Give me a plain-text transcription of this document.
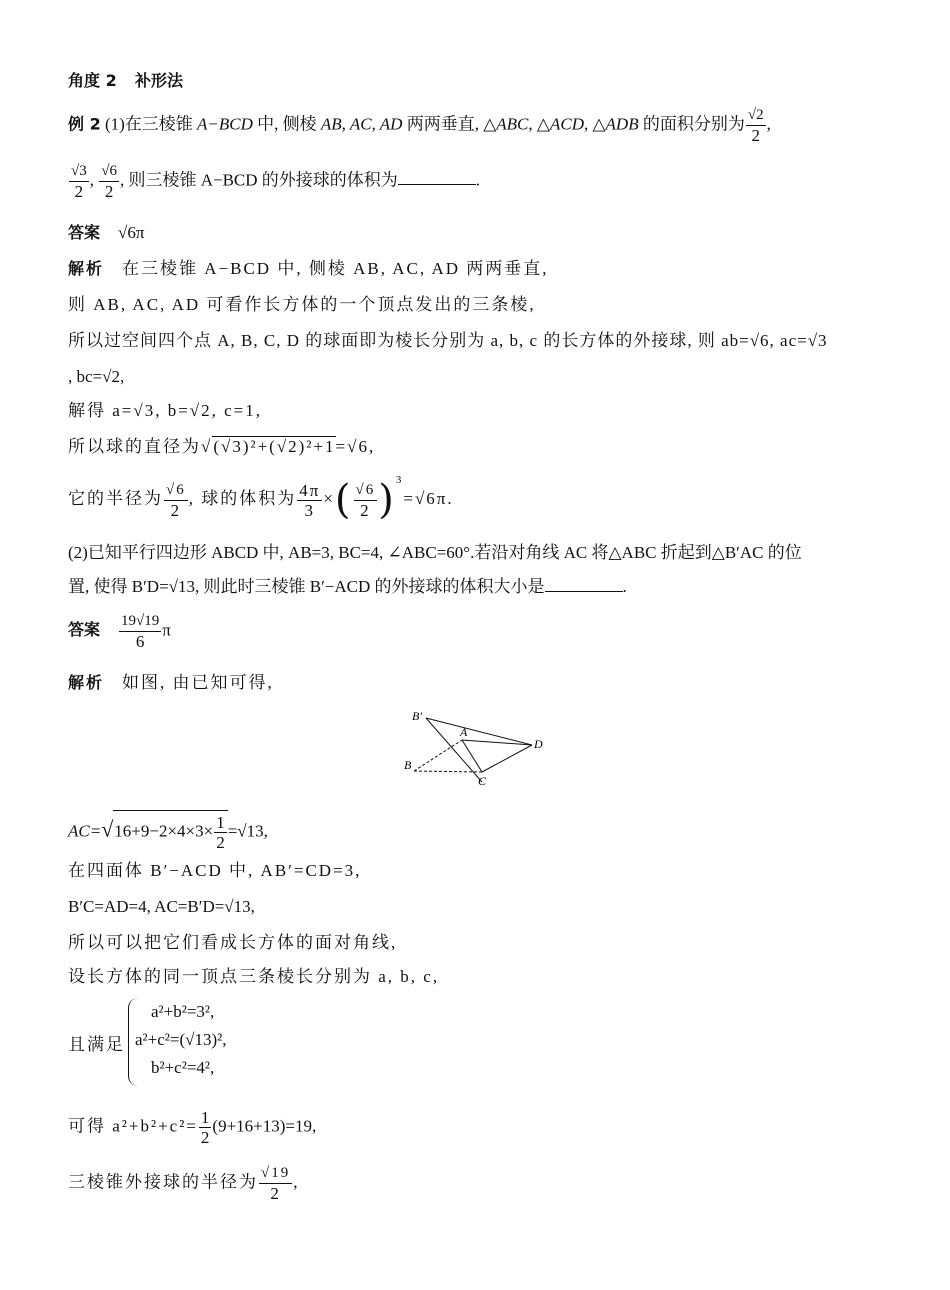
角度 2 补形法
例 2 (1)在三棱锥 A−BCD 中, 侧棱 AB, AC, AD 两两垂直, △ABC, △ACD, △ADB 的面积分别为 $\frac{√2}{2}$ ,
$\frac{√3}{2}$ , $\frac{√6}{2}$ , 则三棱锥 A−BCD 的外接球的体积为	.
答案 √6π
解析 在三棱锥 A−BCD 中, 侧棱 AB, AC, AD 两两垂直,
则 AB, AC, AD 可看作长方体的一个顶点发出的三条棱,
所以过空间四个点 A, B, C, D 的球面即为棱长分别为 a, b, c 的长方体的外接球, 则 ab=√6, ac=√3
, bc=√2,
解得 a=√3, b=√2, c=1,
所以球的直径为√(√3)²+(√2)²+1=√6,
它的半径为 $\frac{√6}{2}$ , 球的体积为 $\frac{4\pi}{3}$ ×( $\frac{√6}{2} )^3=√6\pi$.
(2)已知平行四边形 ABCD 中, AB=3, BC=4, ∠ABC=60°.若沿对角线 AC 将△ABC 折起到△B′AC 的位
置, 使得 B′D=√13, 则此时三棱锥 B′−ACD 的外接球的体积大小是	.
答案 $\frac{19√19}{6}$ π
解析 如图, 由已知可得,
B′
A
D
B
C
$AC=√16+9-2\times 4\times 3\times \frac{1}{2} =√13$,
在四面体 B′−ACD 中, AB′=CD=3,
B′C=AD=4, AC=B′D=√13,
所以可以把它们看成长方体的面对角线,
设长方体的同一顶点三条棱长分别为 a, b, c,
且满足
a²+b²=3²,
a²+c²=(√13)²,
b²+c²=4²,
可得 $a^2+b^2+c^2= \frac{1}{2} (9+16+13)=19$,
三棱锥外接球的半径为 $\frac{√19}{2}$ ,
